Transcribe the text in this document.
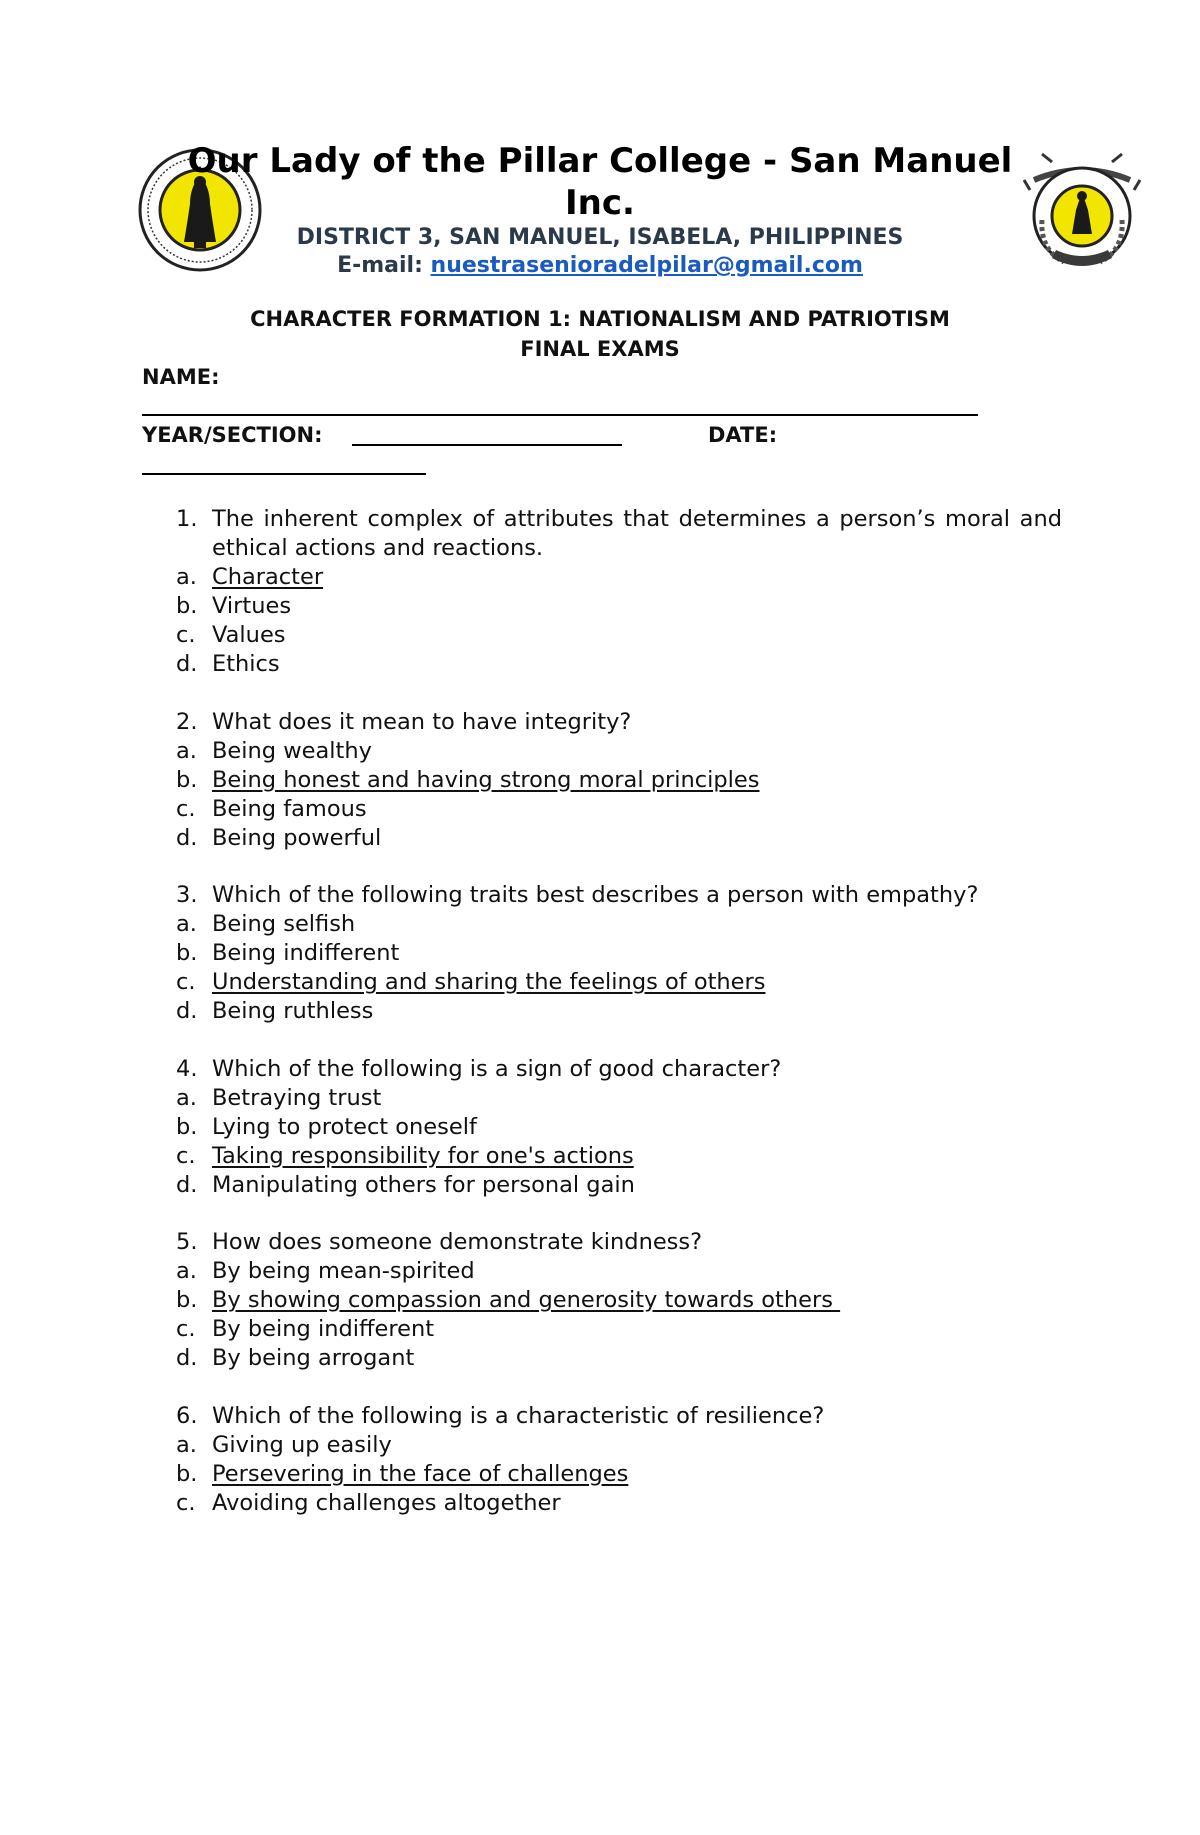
Our Lady of the Pillar College - San Manuel Inc.
DISTRICT 3, SAN MANUEL, ISABELA, PHILIPPINES
E-mail: nuestrasenioradelpilar@gmail.com
CHARACTER FORMATION 1: NATIONALISM AND PATRIOTISM
FINAL EXAMS
NAME:
YEAR/SECTION:	DATE:
1. The inherent complex of attributes that determines a person’s moral and ethical actions and reactions.
a. Character
b. Virtues
c. Values
d. Ethics
2. What does it mean to have integrity?
a. Being wealthy
b. Being honest and having strong moral principles
c. Being famous
d. Being powerful
3. Which of the following traits best describes a person with empathy?
a. Being selfish
b. Being indifferent
c. Understanding and sharing the feelings of others
d. Being ruthless
4. Which of the following is a sign of good character?
a. Betraying trust
b. Lying to protect oneself
c. Taking responsibility for one's actions
d. Manipulating others for personal gain
5. How does someone demonstrate kindness?
a. By being mean-spirited
b. By showing compassion and generosity towards others
c. By being indifferent
d. By being arrogant
6. Which of the following is a characteristic of resilience?
a. Giving up easily
b. Persevering in the face of challenges
c. Avoiding challenges altogether
